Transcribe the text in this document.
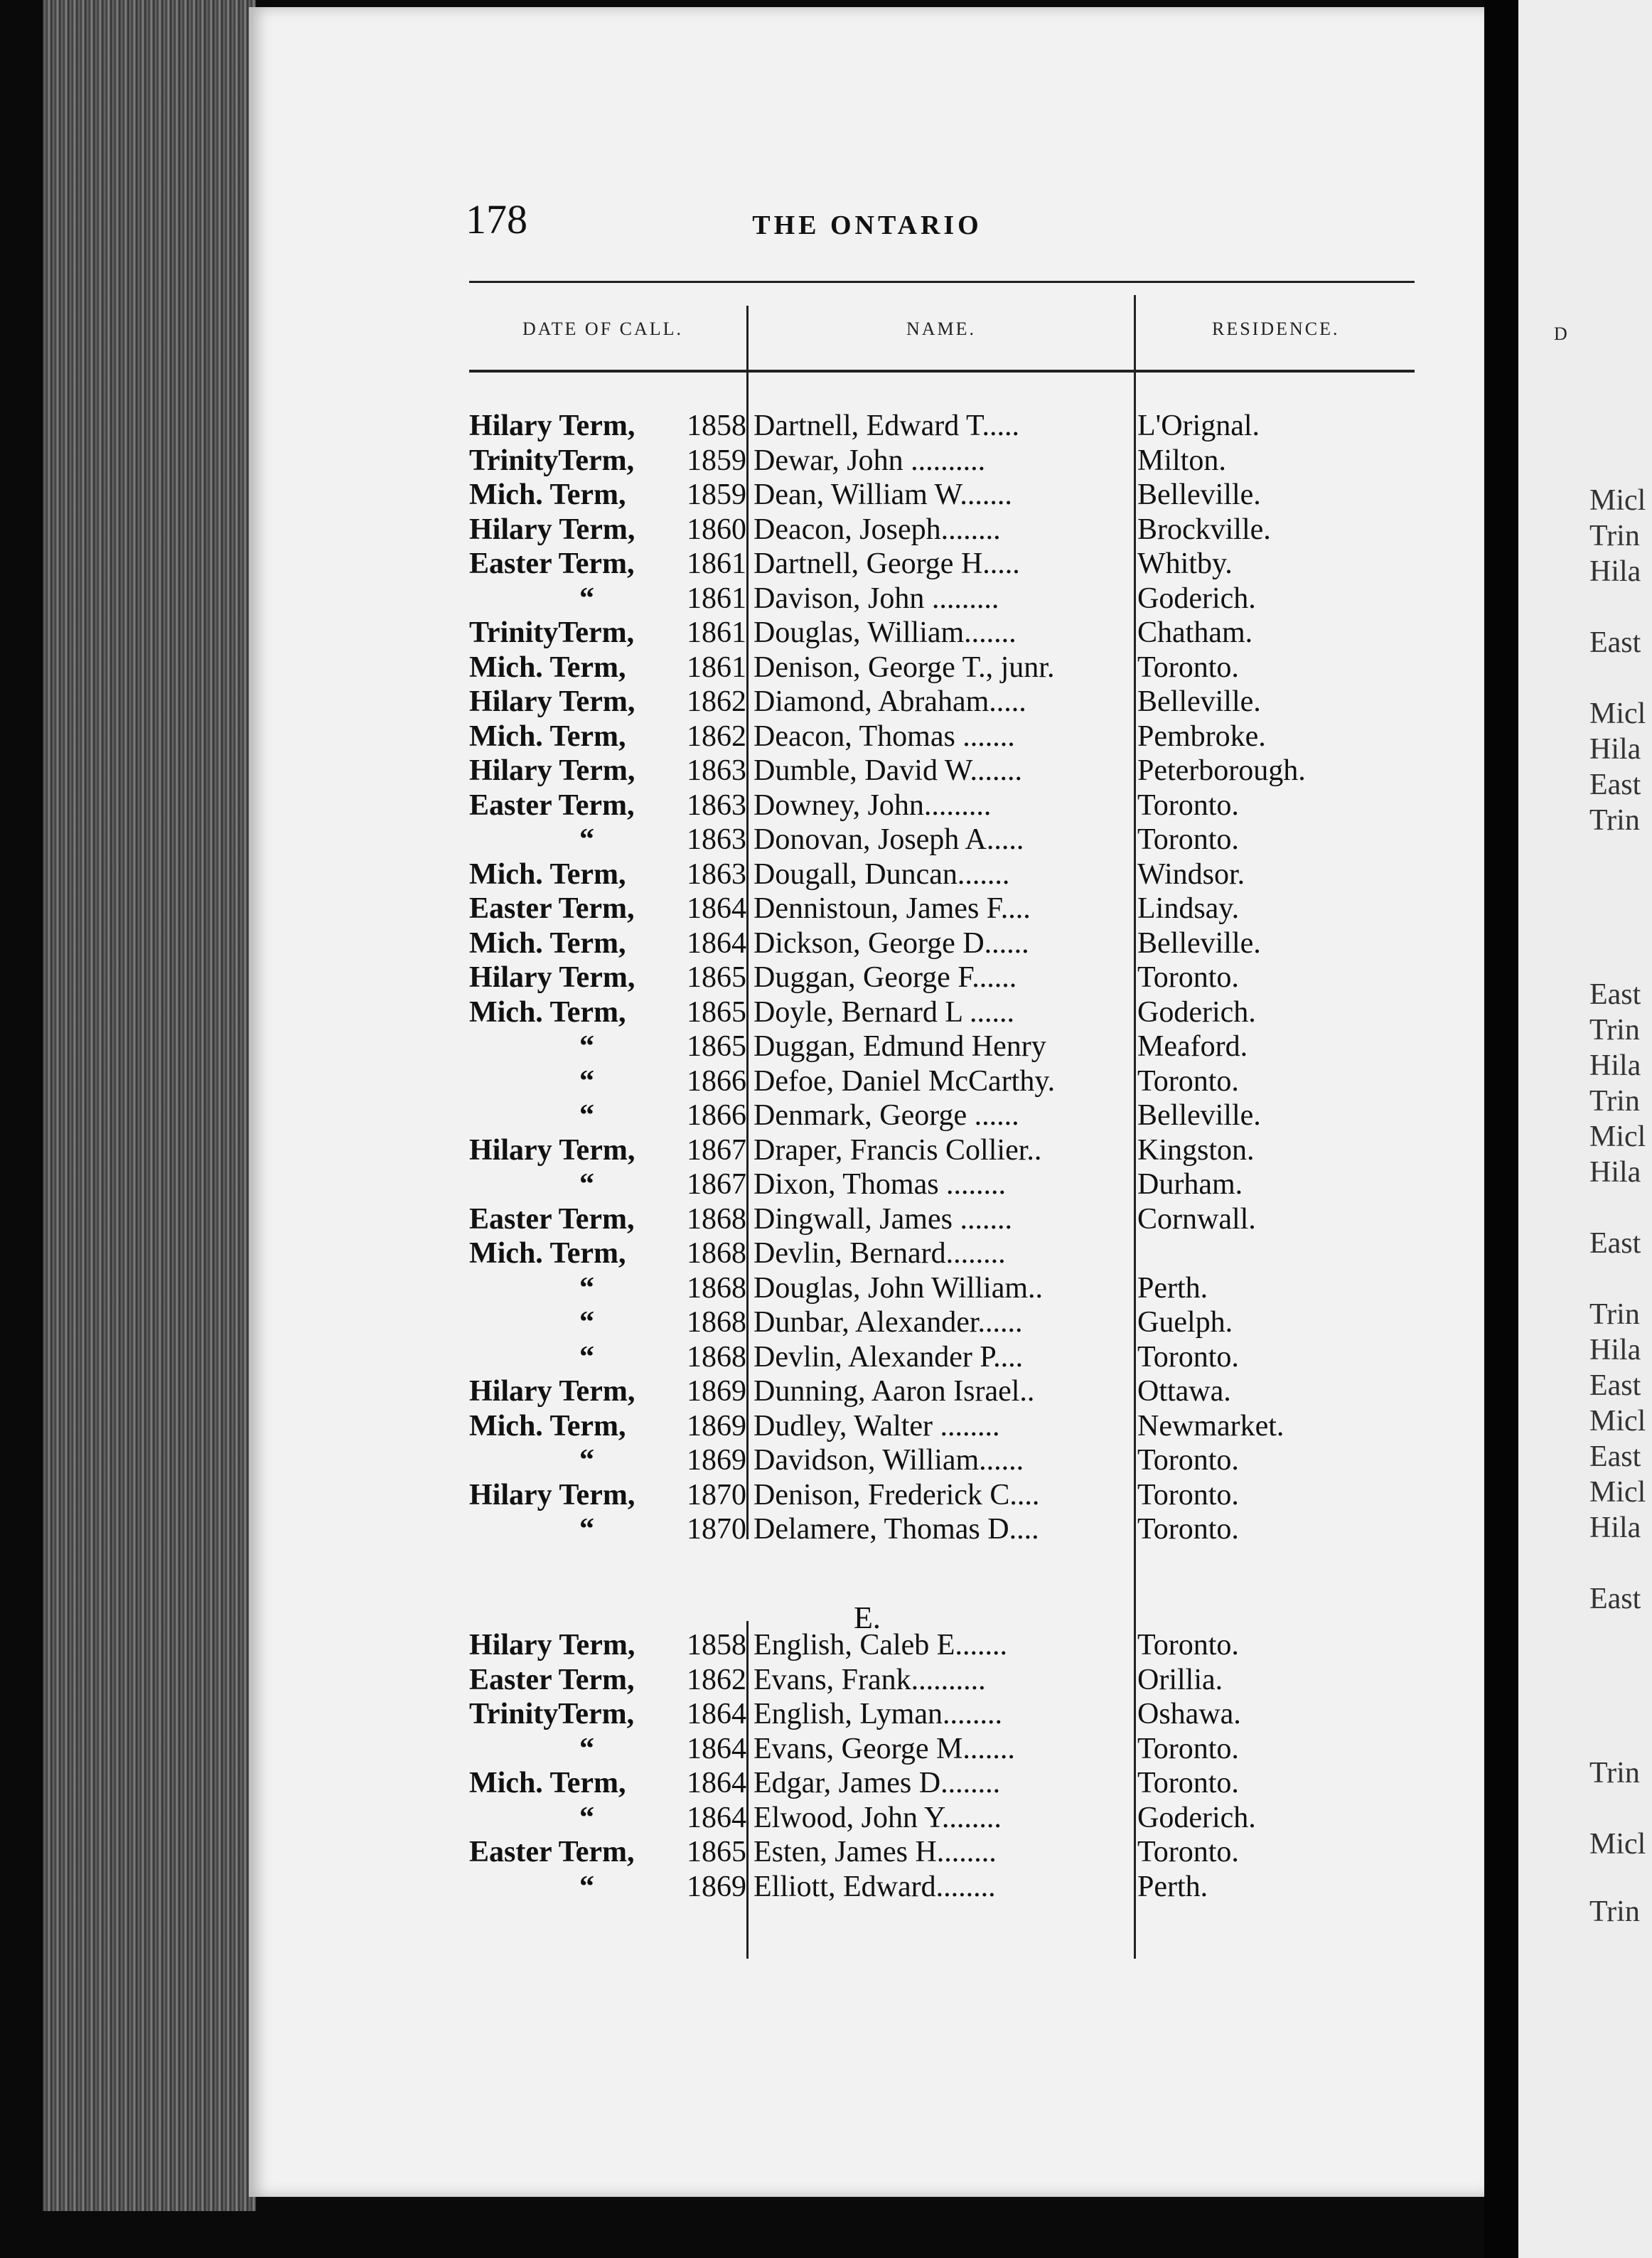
178	THE ONTARIO
DATE OF CALL.	NAME.	RESIDENCE.
Hilary Term,	1858 Dartnell, Edward T.....	L'Orignal.
TrinityTerm,	1859 Dewar, John ..........	Milton.
Mich. Term,	1859 Dean, William W.......	Belleville.
Hilary Term,	1860 Deacon, Joseph........	Brockville.
Easter Term,	1861 Dartnell, George H.....	Whitby.
“	1861 Davison, John .........	Goderich.
TrinityTerm,	1861 Douglas, William.......	Chatham.
Mich. Term,	1861 Denison, George T., junr.	Toronto.
Hilary Term,	1862 Diamond, Abraham.....	Belleville.
Mich. Term,	1862 Deacon, Thomas .......	Pembroke.
Hilary Term,	1863 Dumble, David W.......	Peterborough.
Easter Term,	1863 Downey, John.........	Toronto.
“	1863 Donovan, Joseph A.....	Toronto.
Mich. Term,	1863 Dougall, Duncan.......	Windsor.
Easter Term,	1864 Dennistoun, James F....	Lindsay.
Mich. Term,	1864 Dickson, George D......	Belleville.
Hilary Term,	1865 Duggan, George F......	Toronto.
Mich. Term,	1865 Doyle, Bernard L ......	Goderich.
“	1865 Duggan, Edmund Henry	Meaford.
“	1866 Defoe, Daniel McCarthy.	Toronto.
“	1866 Denmark, George ......	Belleville.
Hilary Term,	1867 Draper, Francis Collier..	Kingston.
“	1867 Dixon, Thomas ........	Durham.
Easter Term,	1868 Dingwall, James .......	Cornwall.
Mich. Term,	1868 Devlin, Bernard........
“	1868 Douglas, John William..	Perth.
“	1868 Dunbar, Alexander......	Guelph.
“	1868 Devlin, Alexander P....	Toronto.
Hilary Term,	1869 Dunning, Aaron Israel..	Ottawa.
Mich. Term,	1869 Dudley, Walter ........	Newmarket.
“	1869 Davidson, William......	Toronto.
Hilary Term,	1870 Denison, Frederick C....	Toronto.
“	1870 Delamere, Thomas D....	Toronto.
E.
Hilary Term,	1858 English, Caleb E.......	Toronto.
Easter Term,	1862 Evans, Frank..........	Orillia.
TrinityTerm,	1864 English, Lyman........	Oshawa.
“	1864 Evans, George M.......	Toronto.
Mich. Term,	1864 Edgar, James D........	Toronto.
“	1864 Elwood, John Y........	Goderich.
Easter Term,	1865 Esten, James H........	Toronto.
“	1869 Elliott, Edward........	Perth.
D
Micl
Trin
Hila
East
Micl
Hila
East
Trin
East
Trin
Hila
Trin
Micl
Hila
East
Trin
Hila
East
Micl
East
Micl
Hila
East
Trin
Micl
Trin
